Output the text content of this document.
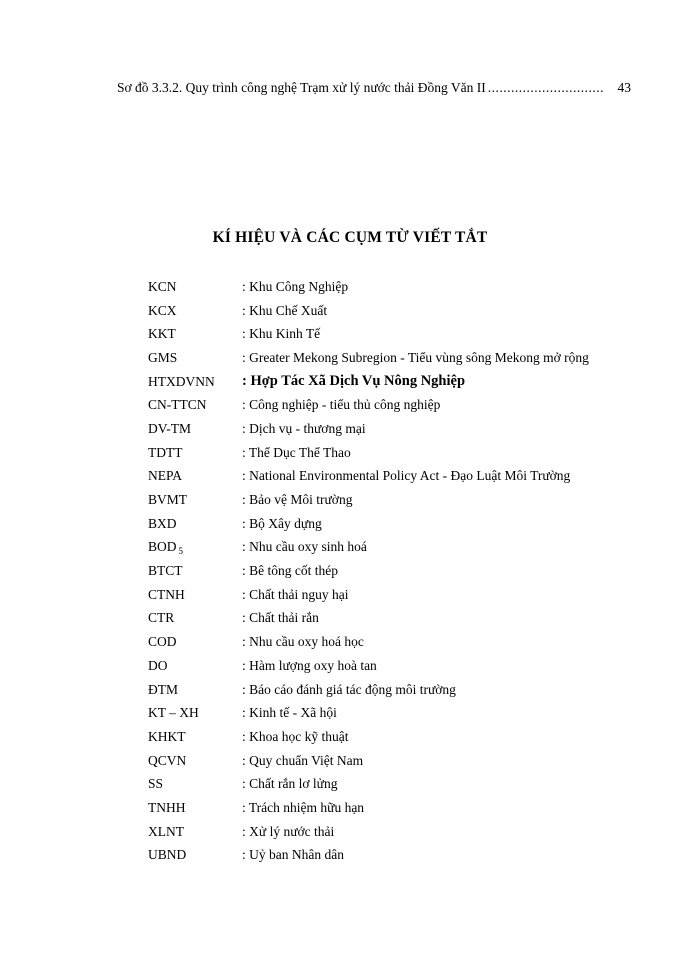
Sơ đồ 3.3.2. Quy trình công nghệ Trạm xử lý nước thải Đồng Văn II
.....	43
KÍ HIỆU VÀ CÁC CỤM TỪ VIẾT TẮT
KCN	: Khu Công Nghiệp
KCX	: Khu Chế Xuất
KKT	: Khu Kinh Tế
GMS	: Greater Mekong Subregion - Tiểu vùng sông Mekong mở rộng
HTXDVNN	: Hợp Tác Xã Dịch Vụ Nông Nghiệp
CN-TTCN	: Công nghiệp - tiểu thủ công nghiệp
DV-TM	: Dịch vụ - thương mại
TDTT	: Thể Dục Thể Thao
NEPA	: National Environmental Policy Act - Đạo Luật Môi Trường
BVMT	: Bảo vệ Môi trường
BXD	: Bộ Xây dựng
BOD $_5$	: Nhu cầu oxy sinh hoá
BTCT	: Bê tông cốt thép
CTNH	: Chất thải nguy hại
CTR	: Chất thải rắn
COD	: Nhu cầu oxy hoá học
DO	: Hàm lượng oxy hoà tan
ĐTM	: Báo cáo đánh giá tác động môi trường
KT – XH	: Kinh tế - Xã hội
KHKT	: Khoa học kỹ thuật
QCVN	: Quy chuẩn Việt Nam
SS	: Chất rắn lơ lửng
TNHH	: Trách nhiệm hữu hạn
XLNT	: Xử lý nước thải
UBND	: Uỷ ban Nhân dân
